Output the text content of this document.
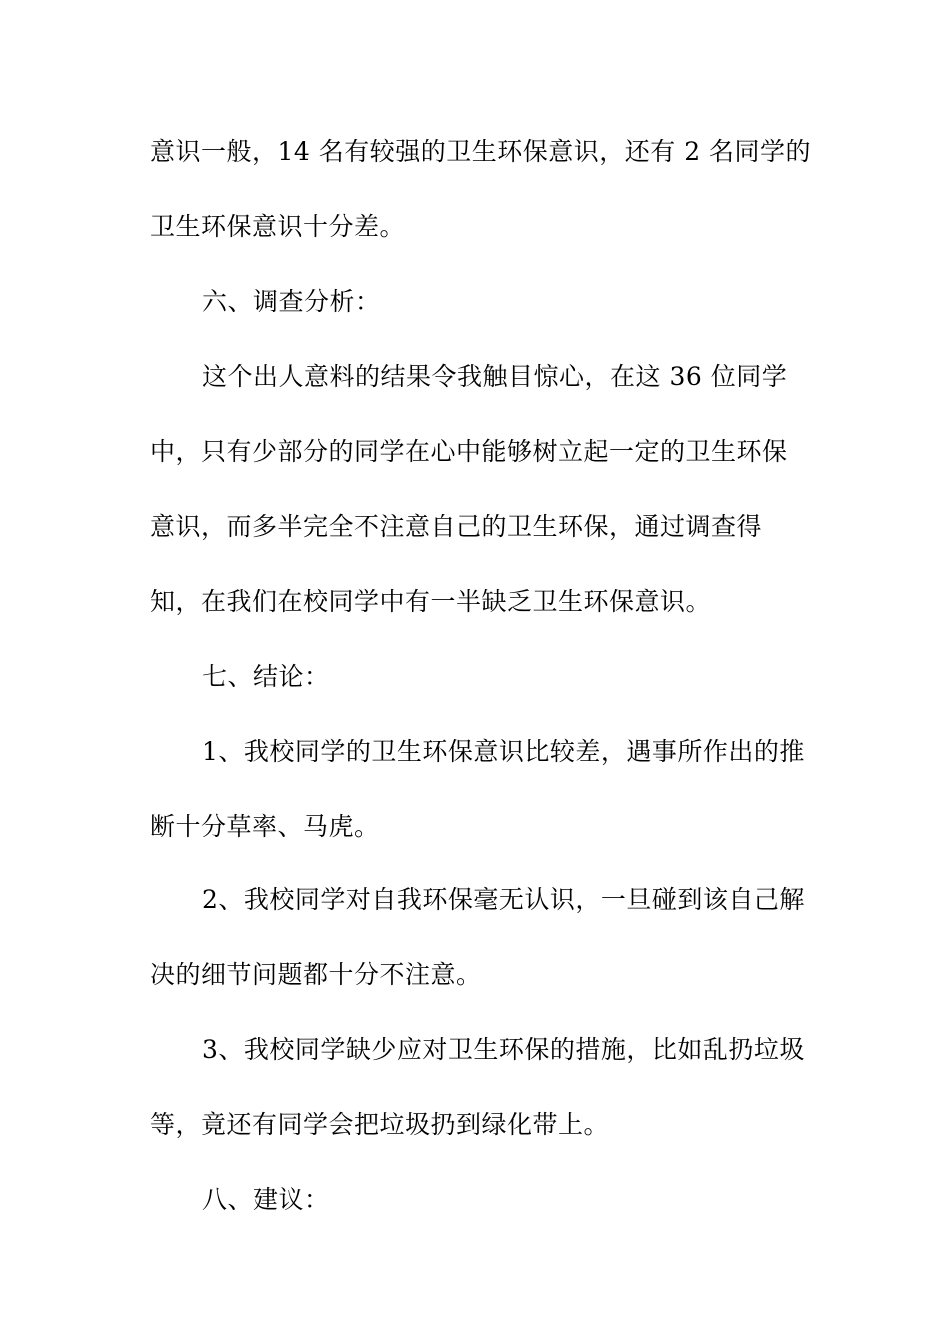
意识一般，14 名有较强的卫生环保意识，还有 2 名同学的
卫生环保意识十分差。
六、调查分析：
这个出人意料的结果令我触目惊心，在这 36 位同学
中，只有少部分的同学在心中能够树立起一定的卫生环保
意识，而多半完全不注意自己的卫生环保，通过调查得
知，在我们在校同学中有一半缺乏卫生环保意识。
七、结论：
1、我校同学的卫生环保意识比较差，遇事所作出的推
断十分草率、马虎。
2、我校同学对自我环保毫无认识，一旦碰到该自己解
决的细节问题都十分不注意。
3、我校同学缺少应对卫生环保的措施，比如乱扔垃圾
等，竟还有同学会把垃圾扔到绿化带上。
八、建议：
